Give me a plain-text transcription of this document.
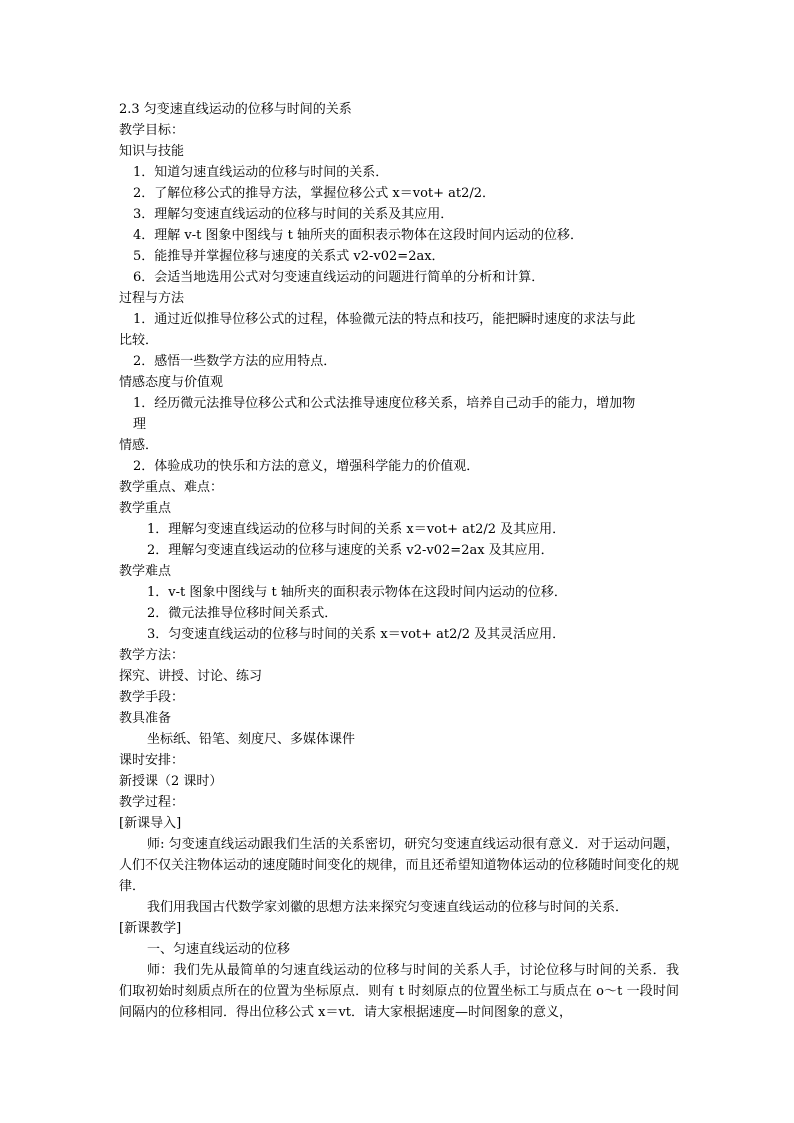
2.3 匀变速直线运动的位移与时间的关系
教学目标：
知识与技能
1．知道匀速直线运动的位移与时间的关系．
2．了解位移公式的推导方法，掌握位移公式 x＝vot+ at2/2．
3．理解匀变速直线运动的位移与时间的关系及其应用．
4．理解 v-t 图象中图线与 t 轴所夹的面积表示物体在这段时间内运动的位移．
5．能推导并掌握位移与速度的关系式 v2-v02=2ax．
6．会适当地选用公式对匀变速直线运动的问题进行简单的分析和计算．
过程与方法
1．通过近似推导位移公式的过程，体验微元法的特点和技巧，能把瞬时速度的求法与此
比较．
2．感悟一些数学方法的应用特点．
情感态度与价值观
1．经历微元法推导位移公式和公式法推导速度位移关系，培养自己动手的能力，增加物
理
情感．
2．体验成功的快乐和方法的意义，增强科学能力的价值观．
教学重点、难点：
教学重点
1．理解匀变速直线运动的位移与时间的关系 x＝vot+ at2/2 及其应用．
2．理解匀变速直线运动的位移与速度的关系 v2-v02=2ax 及其应用．
教学难点
1．v-t 图象中图线与 t 轴所夹的面积表示物体在这段时间内运动的位移．
2．微元法推导位移时间关系式．
3．匀变速直线运动的位移与时间的关系 x＝vot+ at2/2 及其灵活应用．
教学方法：
探究、讲授、讨论、练习
教学手段：
教具准备
坐标纸、铅笔、刻度尺、多媒体课件
课时安排：
新授课（2 课时）
教学过程：
[新课导入]
师: 匀变速直线运动跟我们生活的关系密切，研究匀变速直线运动很有意义．对于运动问题，人们不仅关注物体运动的速度随时间变化的规律，而且还希望知道物体运动的位移随时间变化的规律．
我们用我国古代数学家刘徽的思想方法来探究匀变速直线运动的位移与时间的关系．
[新课教学]
一、匀速直线运动的位移
师：我们先从最简单的匀速直线运动的位移与时间的关系人手，讨论位移与时间的关系．我们取初始时刻质点所在的位置为坐标原点．则有 t 时刻原点的位置坐标工与质点在 o～t 一段时间间隔内的位移相同．得出位移公式 x＝vt．请大家根据速度—时间图象的意义，
